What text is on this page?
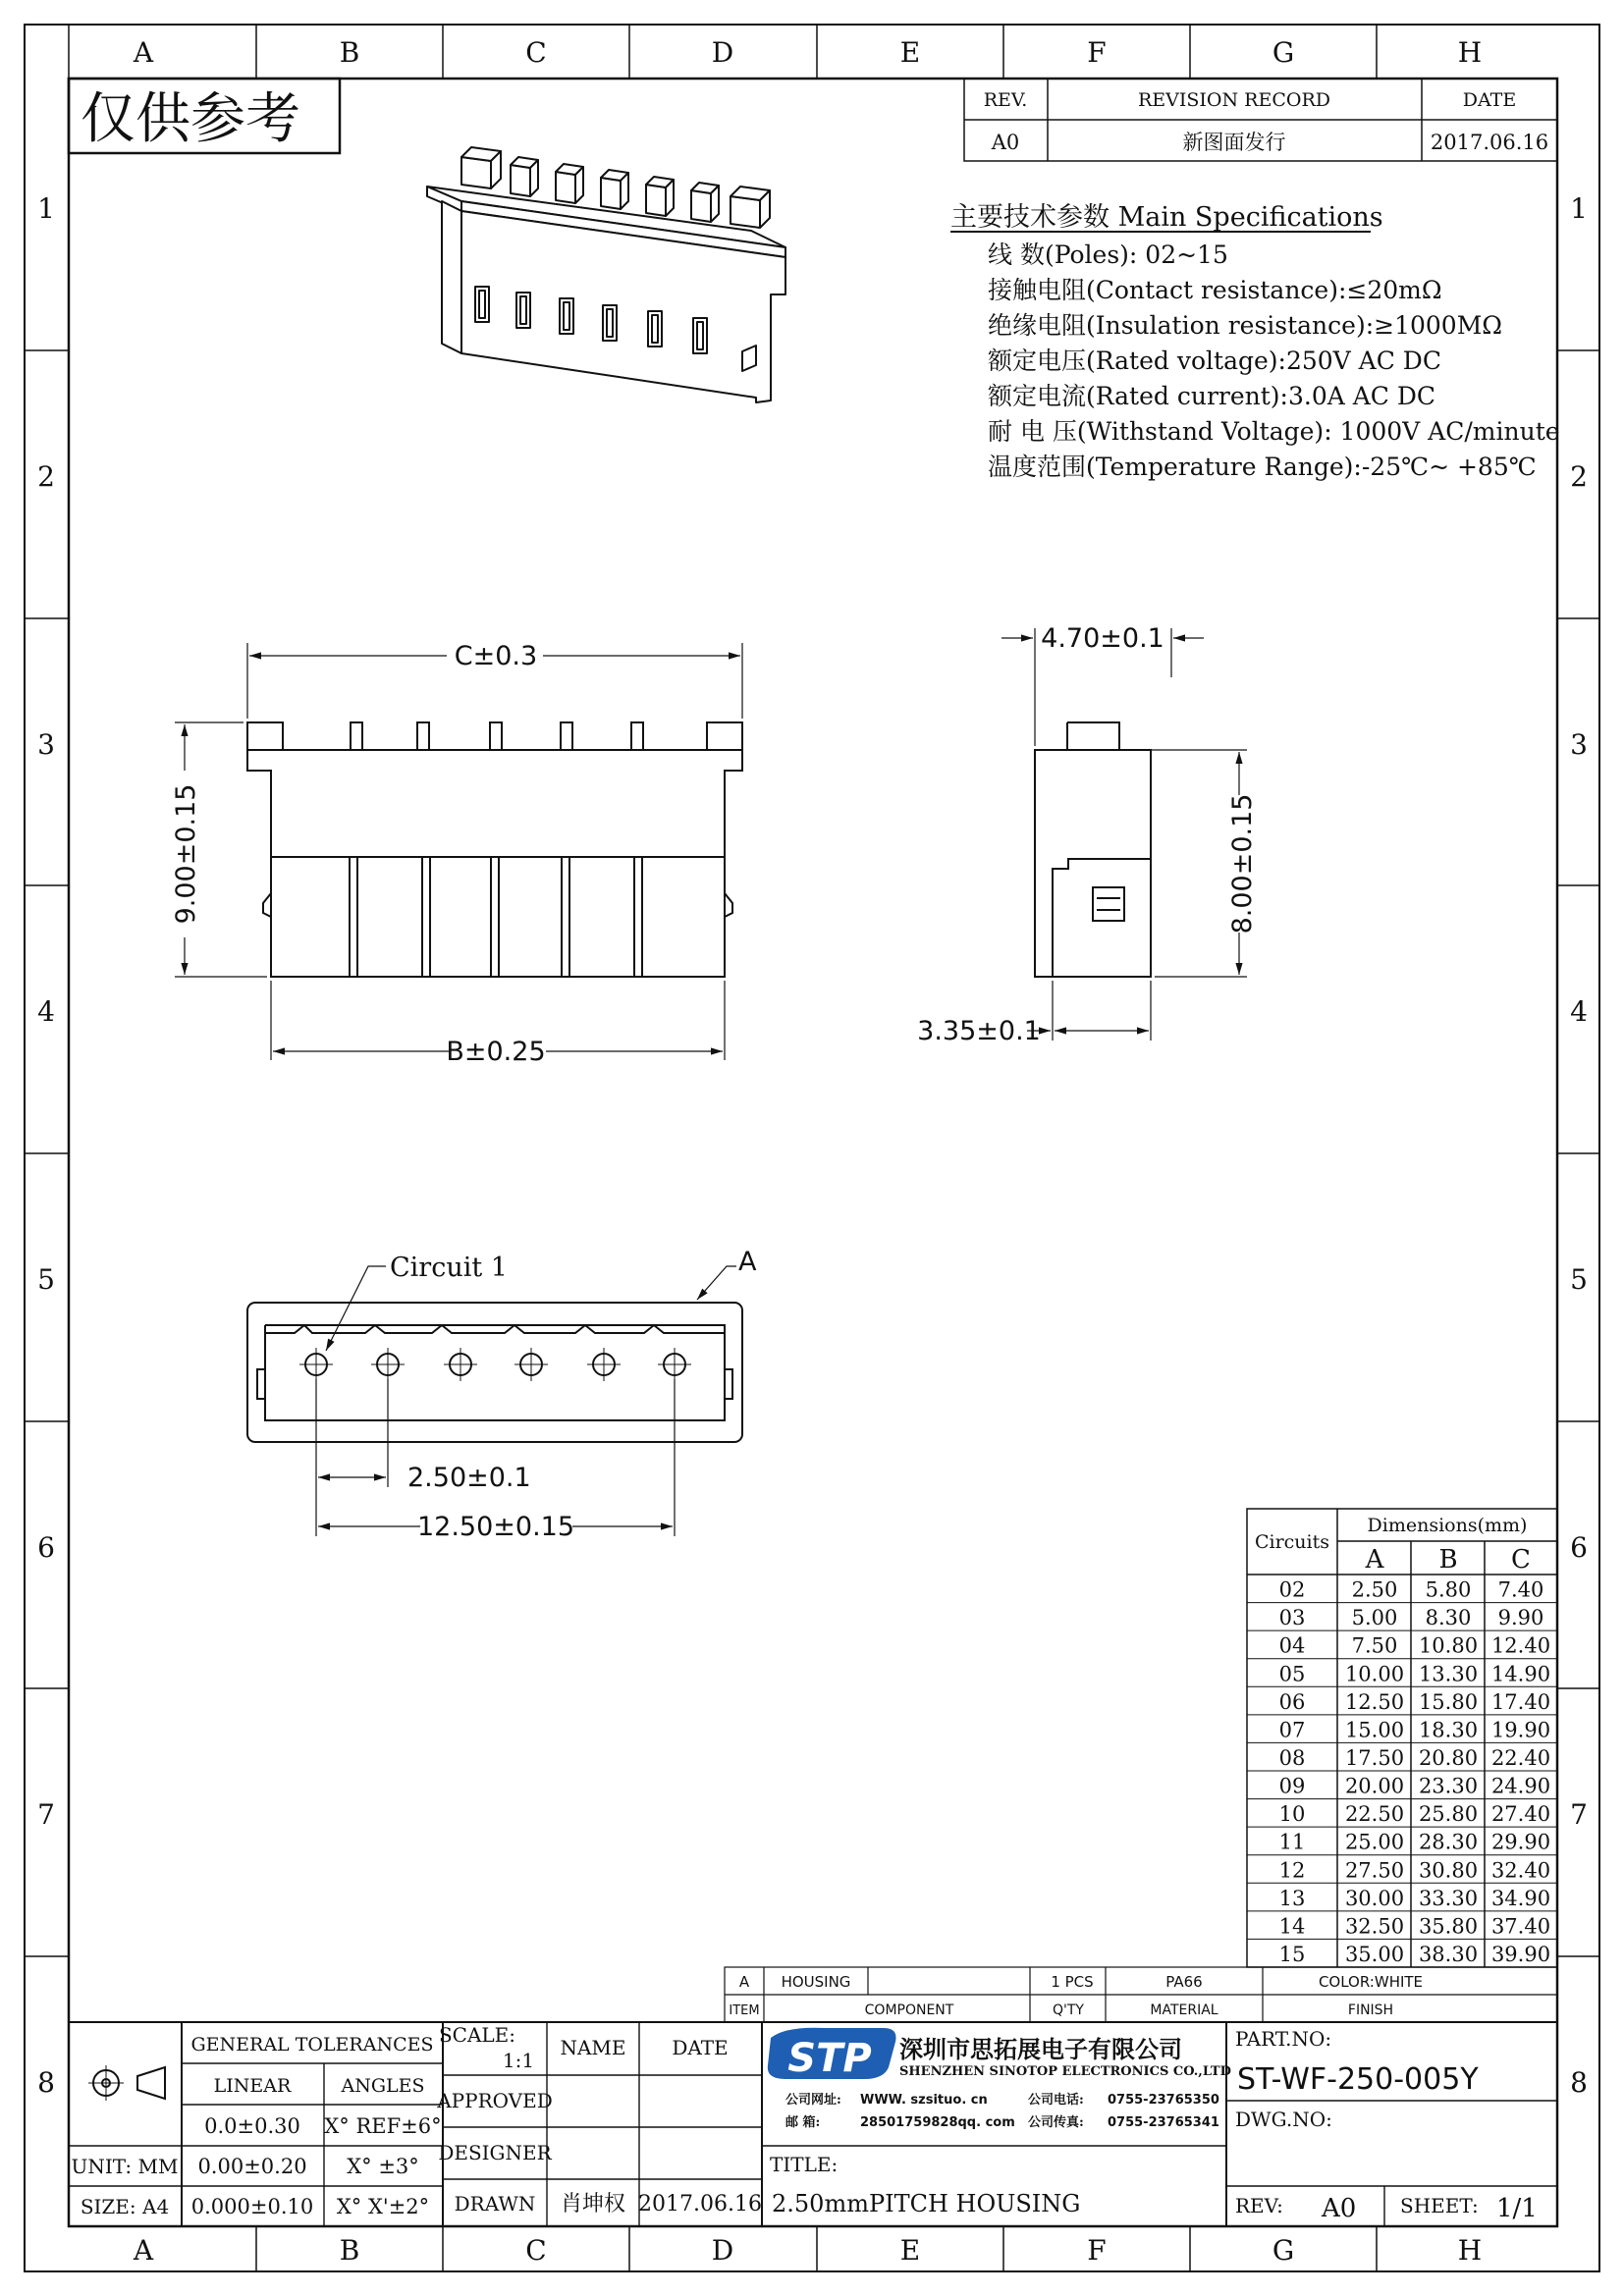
A	B	C	D	E	F	G	H
A	B	C	D	E	F	G	H
1
2
3
4
5
6
7
8
1
2
3
4
5
6
7
8
仅供参考	REV.	REVISION RECORD	DATE
A0	新图面发行	2017.06.16
主要技术参数 Main Specifications
线 数(Poles): 02~15
接触电阻(Contact resistance):≤20mΩ
绝缘电阻(Insulation resistance):≥1000MΩ
额定电压(Rated voltage):250V AC DC
额定电流(Rated current):3.0A AC DC
耐 电 压(Withstand Voltage): 1000V AC/minute
温度范围(Temperature Range):-25℃~ +85℃
C±0.3
9.00±0.15
B±0.25
4.70±0.1
8.00±0.15
3.35±0.1
Circuit 1	A
2.50±0.1
12.50±0.15	Circuits
Dimensions(mm)
A B C
02 2.50 5.80 7.40
03 5.00 8.30 9.90
04 7.50 10.80 12.40
05 10.00 13.30 14.90
06 12.50 15.80 17.40
07 15.00 18.30 19.90
08 17.50 20.80 22.40
09 20.00 23.30 24.90
10 22.50 25.80 27.40
11 25.00 28.30 29.90
12 27.50 30.80 32.40
13 30.00 33.30 34.90
14 32.50 35.80 37.40
15 35.00 38.30 39.90
A HOUSING	1 PCS	PA66	COLOR:WHITE
ITEM	COMPONENT	Q'TY	MATERIAL	FINISH
GENERAL TOLERANCES
LINEAR	ANGLES
0.0±0.30 X° REF±6°
0.00±0.20 X° ±3°
0.000±0.10 X° X'±2°
UNIT: MM
SIZE: A4
SCALE:
1:1
NAME DATE
APPROVED
DESIGNER
DRAWN 肖坤权 2017.06.16
STP 深圳市思拓展电子有限公司
SHENZHEN SINOTOP ELECTRONICS CO.,LTD
公司网址: WWW. szsituo. cn	公司电话: 0755-23765350
邮 箱:	28501759828qq. com 公司传真: 0755-23765341
TITLE:
2.50mmPITCH HOUSING
PART.NO:
ST-WF-250-005Y
DWG.NO:
REV: A0 SHEET: 1/1
